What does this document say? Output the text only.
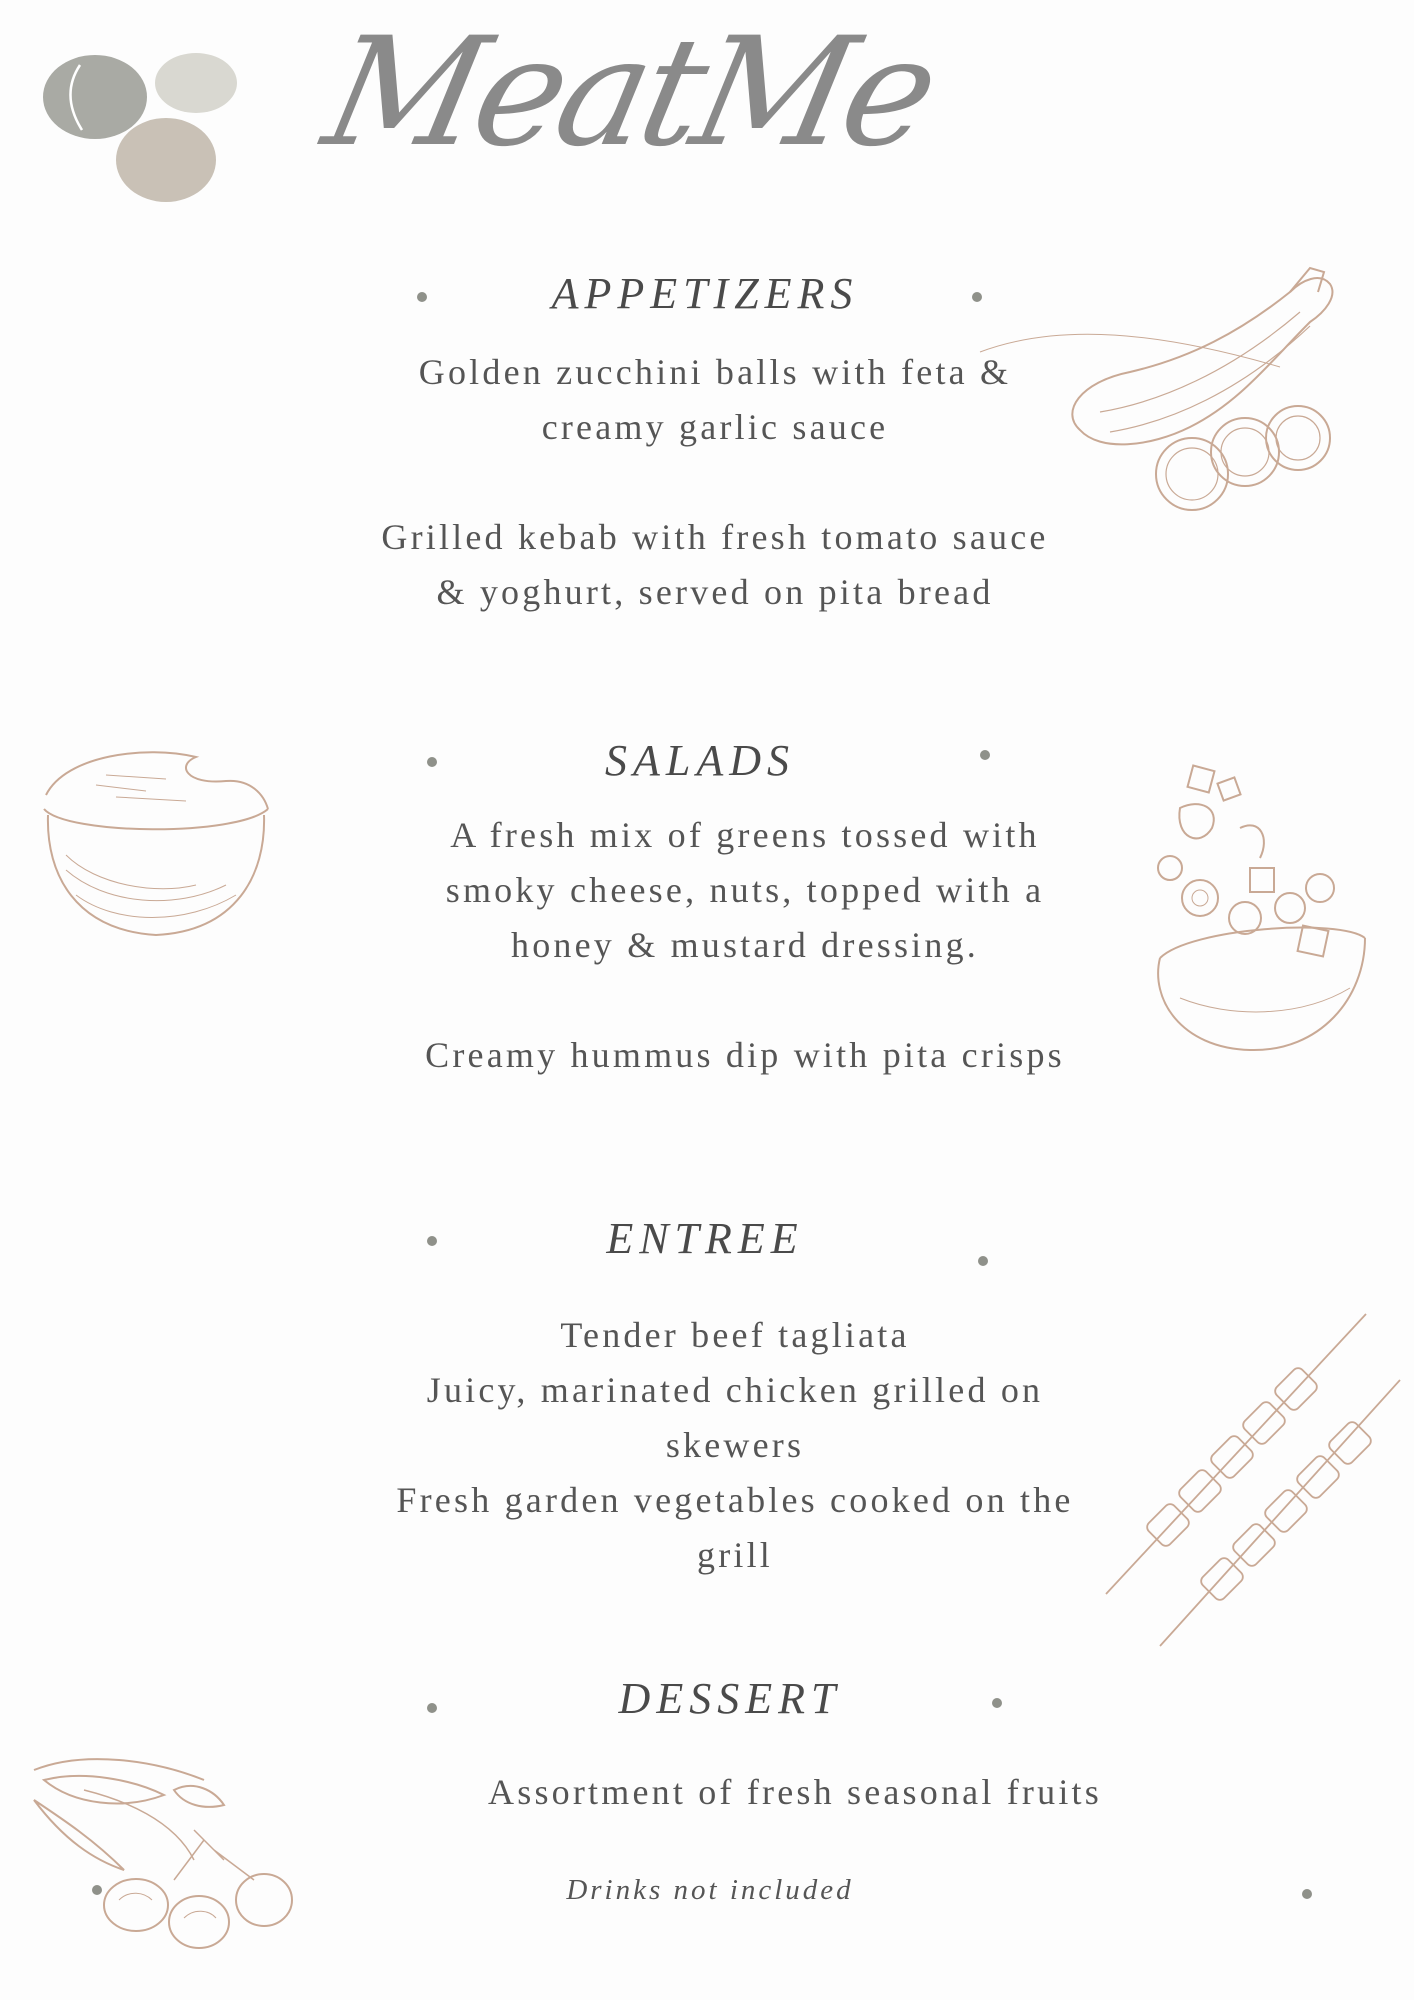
MeatMe
APPETIZERS
Golden zucchini balls with feta &
creamy garlic sauce
Grilled kebab with fresh tomato sauce
& yoghurt, served on pita bread
SALADS
A fresh mix of greens tossed with
smoky cheese, nuts, topped with a
honey & mustard dressing.
Creamy hummus dip with pita crisps
ENTREE
Tender beef tagliata
Juicy, marinated chicken grilled on
skewers
Fresh garden vegetables cooked on the
grill
DESSERT
Assortment of fresh seasonal fruits
Drinks not included
